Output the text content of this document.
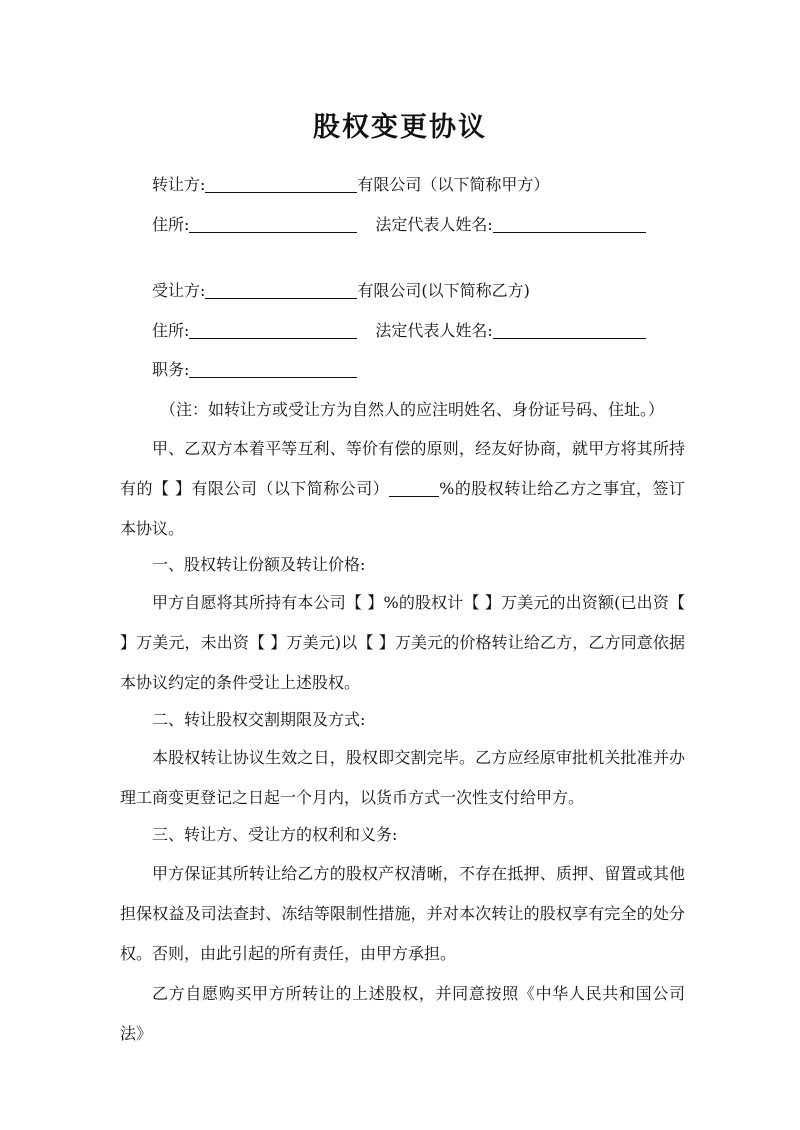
股权变更协议
转让方:	有限公司（以下简称甲方）
住所:	法定代表人姓名:
受让方:	有限公司(以下简称乙方)
住所:	法定代表人姓名:
职务:
（注：如转让方或受让方为自然人的应注明姓名、身份证号码、住址。）
甲、乙双方本着平等互利、等价有偿的原则，经友好协商，就甲方将其所持有的【 】有限公司（以下简称公司）	%的股权转让给乙方之事宜，签订本协议。
一、股权转让份额及转让价格:
甲方自愿将其所持有本公司【 】%的股权计【 】万美元的出资额(已出资【 】万美元，未出资【 】万美元)以【 】万美元的价格转让给乙方，乙方同意依据本协议约定的条件受让上述股权。
二、转让股权交割期限及方式:
本股权转让协议生效之日，股权即交割完毕。乙方应经原审批机关批准并办理工商变更登记之日起一个月内，以货币方式一次性支付给甲方。
三、转让方、受让方的权利和义务:
甲方保证其所转让给乙方的股权产权清晰，不存在抵押、质押、留置或其他担保权益及司法查封、冻结等限制性措施，并对本次转让的股权享有完全的处分权。否则，由此引起的所有责任，由甲方承担。
乙方自愿购买甲方所转让的上述股权，并同意按照《中华人民共和国公司法》
